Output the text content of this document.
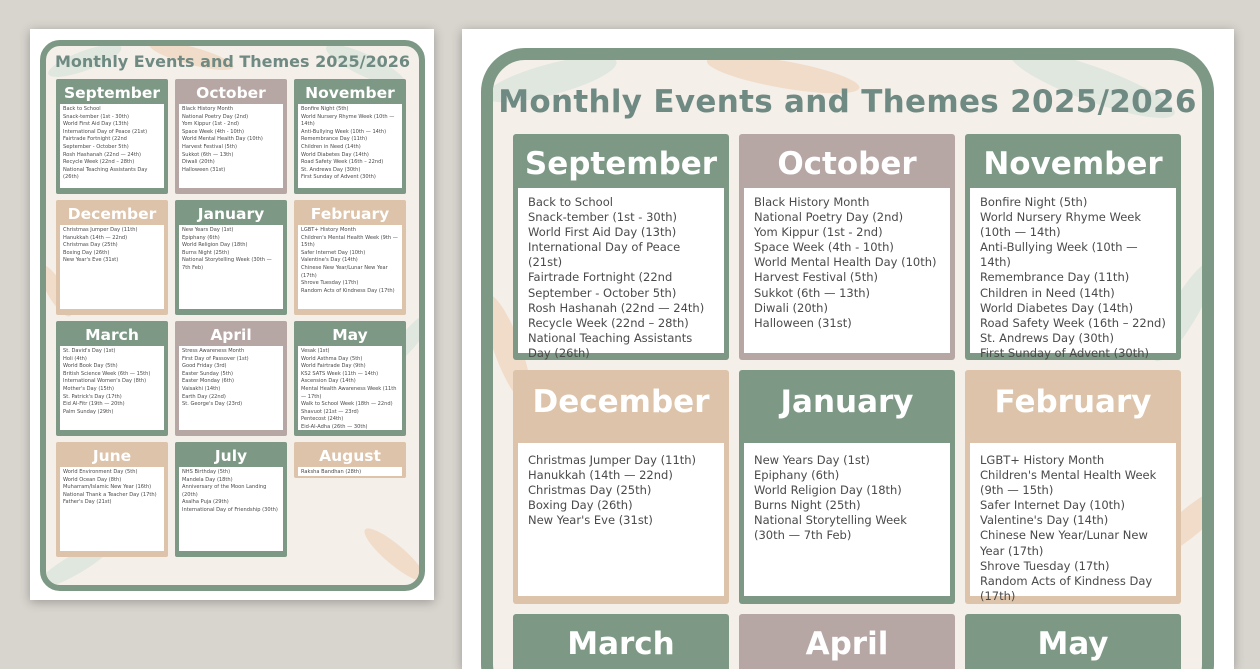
Monthly Events and Themes 2025/2026
September
Back to School
Snack-tember (1st - 30th)
World First Aid Day (13th)
International Day of Peace (21st)
Fairtrade Fortnight (22nd
September - October 5th)
Rosh Hashanah (22nd — 24th)
Recycle Week (22nd – 28th)
National Teaching Assistants Day (26th)
October
Black History Month
National Poetry Day (2nd)
Yom Kippur (1st - 2nd)
Space Week (4th - 10th)
World Mental Health Day (10th)
Harvest Festival (5th)
Sukkot (6th — 13th)
Diwali (20th)
Halloween (31st)
November
Bonfire Night (5th)
World Nursery Rhyme Week (10th — 14th)
Anti-Bullying Week (10th — 14th)
Remembrance Day (11th)
Children in Need (14th)
World Diabetes Day (14th)
Road Safety Week (16th – 22nd)
St. Andrews Day (30th)
First Sunday of Advent (30th)
December
Christmas Jumper Day (11th)
Hanukkah (14th — 22nd)
Christmas Day (25th)
Boxing Day (26th)
New Year's Eve (31st)
January
New Years Day (1st)
Epiphany (6th)
World Religion Day (18th)
Burns Night (25th)
National Storytelling Week (30th — 7th Feb)
February
LGBT+ History Month
Children's Mental Health Week (9th — 15th)
Safer Internet Day (10th)
Valentine's Day (14th)
Chinese New Year/Lunar New Year (17th)
Shrove Tuesday (17th)
Random Acts of Kindness Day (17th)
March
St. David's Day (1st)
Holi (4th)
World Book Day (5th)
British Science Week (6th — 15th)
International Women's Day (8th)
Mother's Day (15th)
St. Patrick's Day (17th)
Eid Al-Fitr (19th — 20th)
Palm Sunday (29th)
April
Stress Awareness Month
First Day of Passover (1st)
Good Friday (3rd)
Easter Sunday (5th)
Easter Monday (6th)
Vaisakhi (14th)
Earth Day (22nd)
St. George's Day (23rd)
May
Vesak (1st)
World Asthma Day (5th)
World Fairtrade Day (9th)
KS2 SATS Week (11th — 14th)
Ascension Day (14th)
Mental Health Awareness Week (11th — 17th)
Walk to School Week (18th — 22nd)
Shavuot (21st — 23rd)
Pentecost (24th)
Eid-Al-Adha (26th — 30th)
June
World Environment Day (5th)
World Ocean Day (8th)
Muharram/Islamic New Year (16th)
National Thank a Teacher Day (17th)
Father's Day (21st)
July
NHS Birthday (5th)
Mandela Day (18th)
Anniversary of the Moon Landing (20th)
Asalha Puja (29th)
International Day of Friendship (30th)
August
Raksha Bandhan (28th)
Monthly Events and Themes 2025/2026
September
Back to School
Snack-tember (1st - 30th)
World First Aid Day (13th)
International Day of Peace (21st)
Fairtrade Fortnight (22nd
September - October 5th)
Rosh Hashanah (22nd — 24th)
Recycle Week (22nd – 28th)
National Teaching Assistants Day (26th)
October
Black History Month
National Poetry Day (2nd)
Yom Kippur (1st - 2nd)
Space Week (4th - 10th)
World Mental Health Day (10th)
Harvest Festival (5th)
Sukkot (6th — 13th)
Diwali (20th)
Halloween (31st)
November
Bonfire Night (5th)
World Nursery Rhyme Week (10th — 14th)
Anti-Bullying Week (10th — 14th)
Remembrance Day (11th)
Children in Need (14th)
World Diabetes Day (14th)
Road Safety Week (16th – 22nd)
St. Andrews Day (30th)
First Sunday of Advent (30th)
December
Christmas Jumper Day (11th)
Hanukkah (14th — 22nd)
Christmas Day (25th)
Boxing Day (26th)
New Year's Eve (31st)
January
New Years Day (1st)
Epiphany (6th)
World Religion Day (18th)
Burns Night (25th)
National Storytelling Week (30th — 7th Feb)
February
LGBT+ History Month
Children's Mental Health Week (9th — 15th)
Safer Internet Day (10th)
Valentine's Day (14th)
Chinese New Year/Lunar New Year (17th)
Shrove Tuesday (17th)
Random Acts of Kindness Day (17th)
March	April	May
